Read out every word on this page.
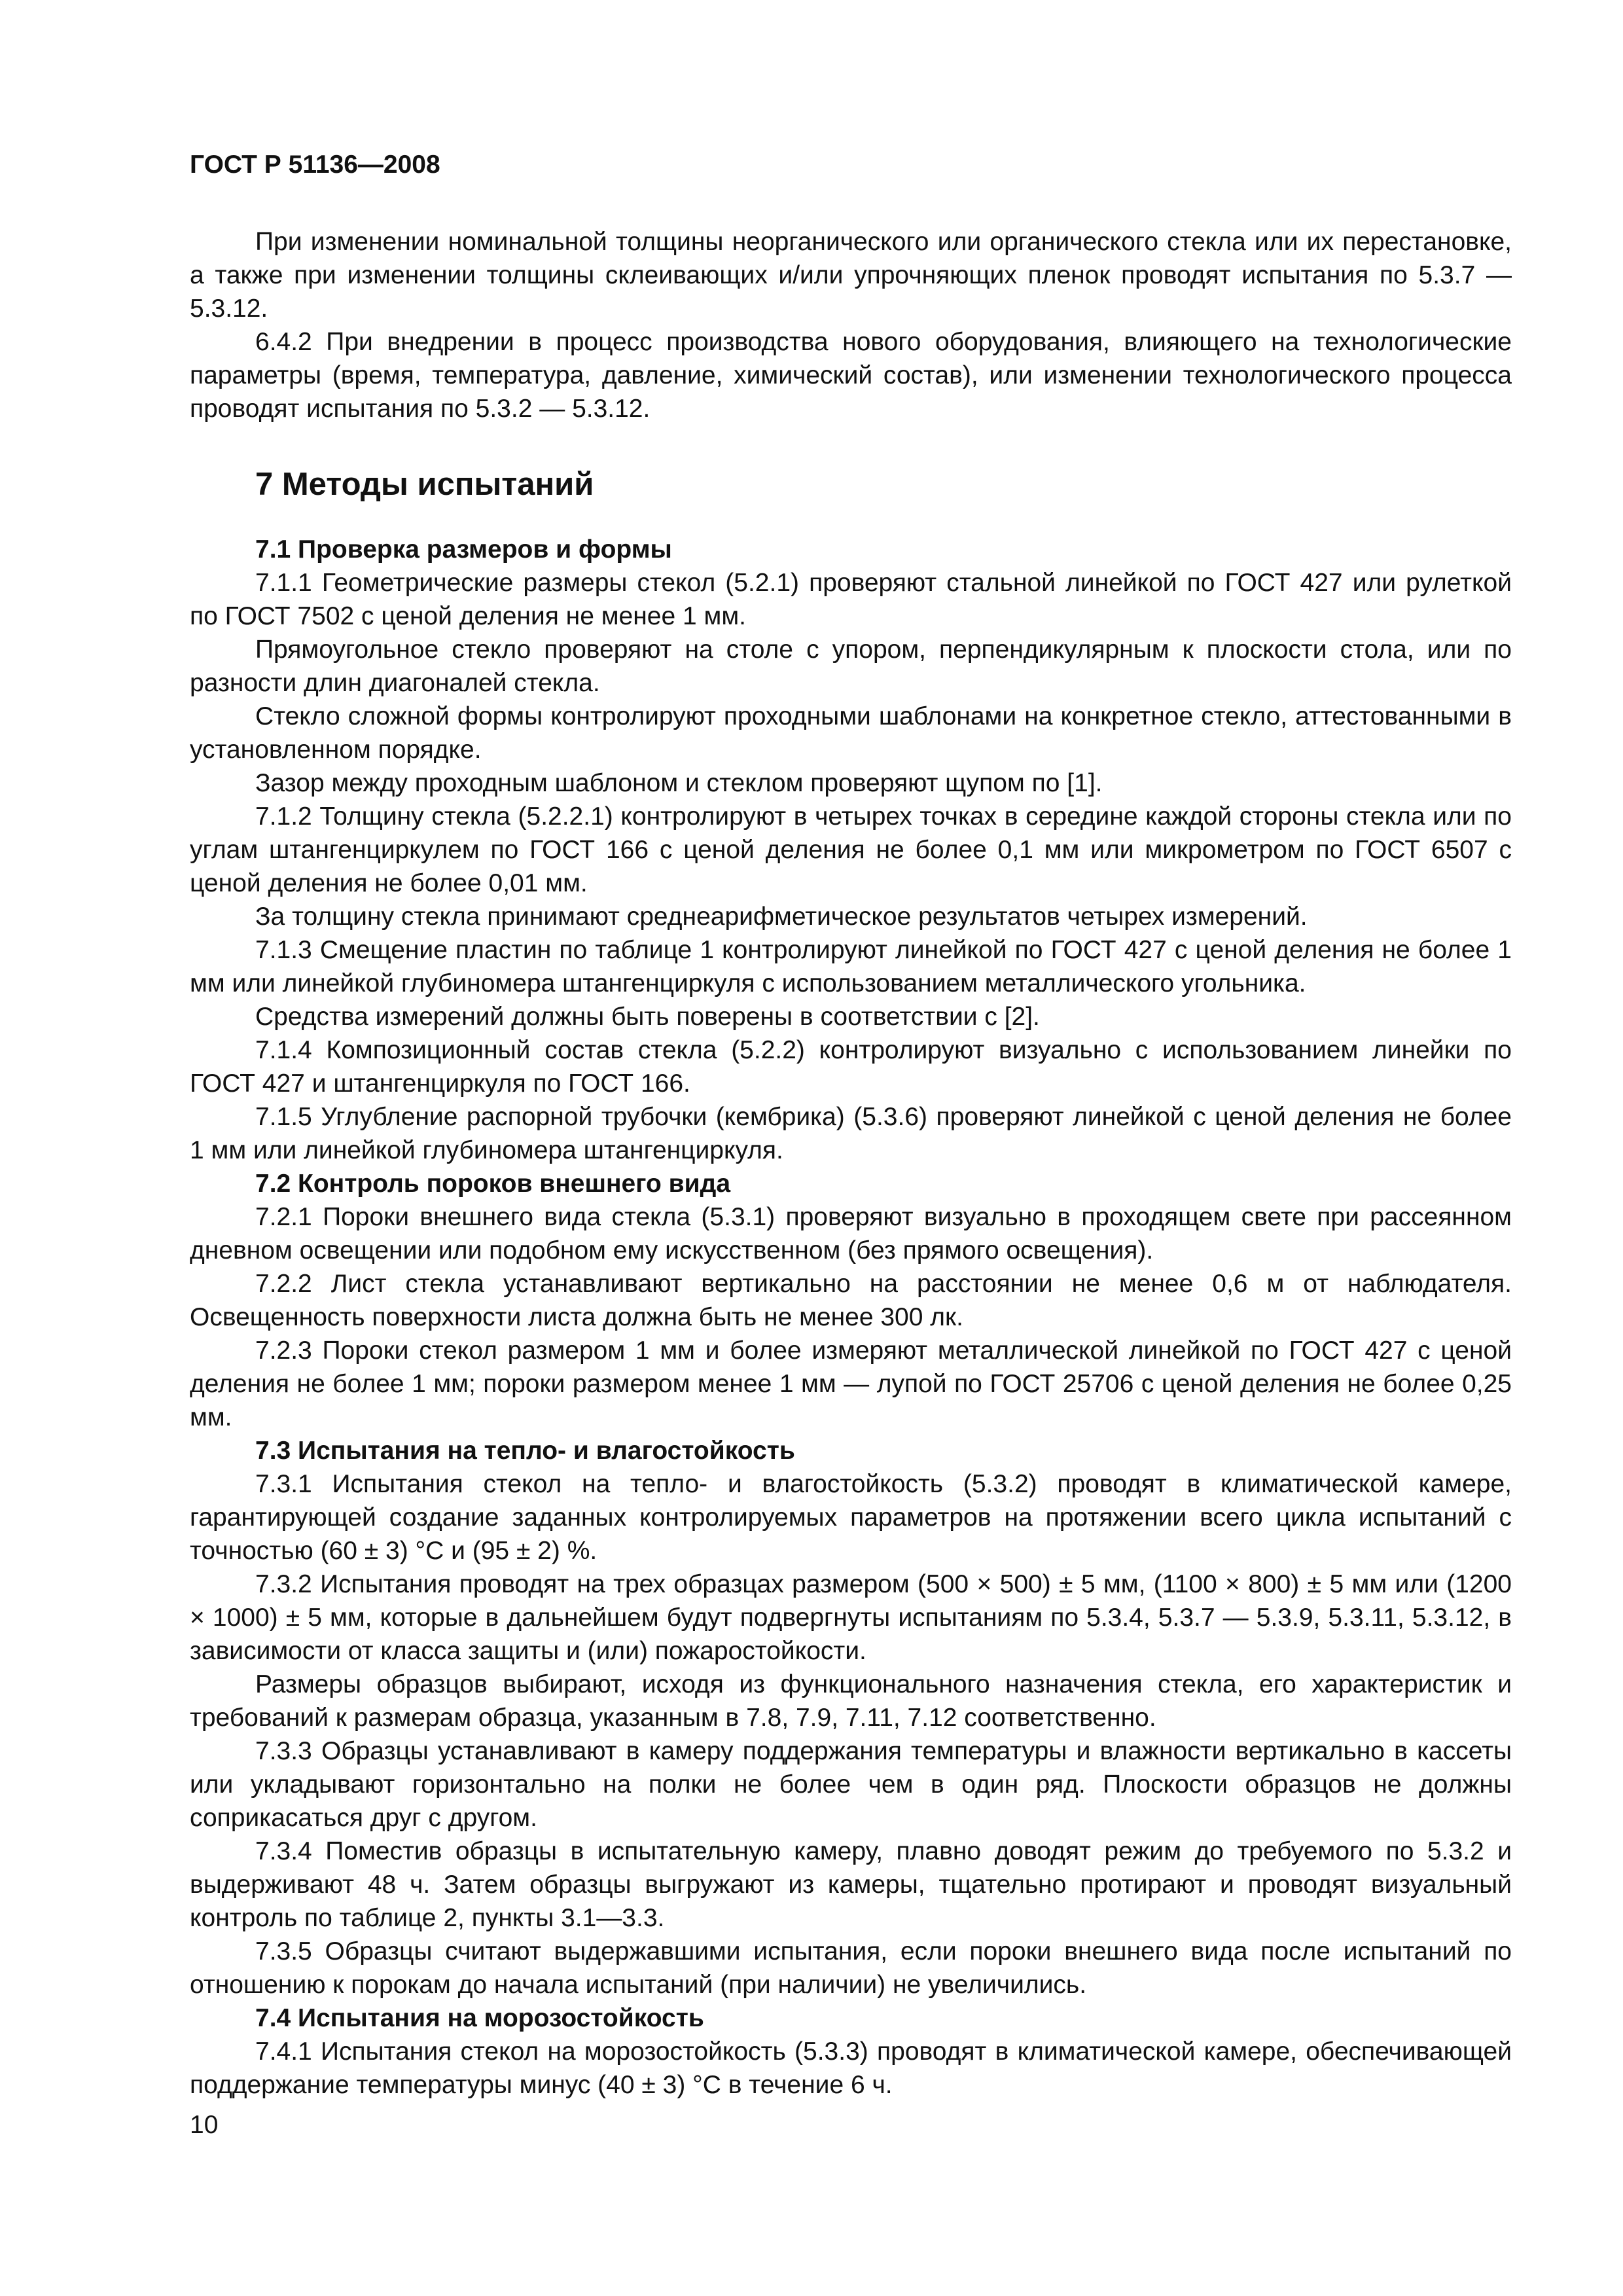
ГОСТ Р 51136—2008

При изменении номинальной толщины неорганического или органического стекла или их перестановке, а также при изменении толщины склеивающих и/или упрочняющих пленок проводят испытания по 5.3.7 — 5.3.12.

6.4.2 При внедрении в процесс производства нового оборудования, влияющего на технологические параметры (время, температура, давление, химический состав), или изменении технологического процесса проводят испытания по 5.3.2 — 5.3.12.

7 Методы испытаний
7.1 Проверка размеров и формы

7.1.1 Геометрические размеры стекол (5.2.1) проверяют стальной линейкой по ГОСТ 427 или рулеткой по ГОСТ 7502 с ценой деления не менее 1 мм.

Прямоугольное стекло проверяют на столе с упором, перпендикулярным к плоскости стола, или по разности длин диагоналей стекла.

Стекло сложной формы контролируют проходными шаблонами на конкретное стекло, аттестованными в установленном порядке.

Зазор между проходным шаблоном и стеклом проверяют щупом по [1].

7.1.2 Толщину стекла (5.2.2.1) контролируют в четырех точках в середине каждой стороны стекла или по углам штангенциркулем по ГОСТ 166 с ценой деления не более 0,1 мм или микрометром по ГОСТ 6507 с ценой деления не более 0,01 мм.

За толщину стекла принимают среднеарифметическое результатов четырех измерений.

7.1.3 Смещение пластин по таблице 1 контролируют линейкой по ГОСТ 427 с ценой деления не более 1 мм или линейкой глубиномера штангенциркуля с использованием металлического угольника.

Средства измерений должны быть поверены в соответствии с [2].

7.1.4 Композиционный состав стекла (5.2.2) контролируют визуально с использованием линейки по ГОСТ 427 и штангенциркуля по ГОСТ 166.

7.1.5 Углубление распорной трубочки (кембрика) (5.3.6) проверяют линейкой с ценой деления не более 1 мм или линейкой глубиномера штангенциркуля.

7.2 Контроль пороков внешнего вида

7.2.1 Пороки внешнего вида стекла (5.3.1) проверяют визуально в проходящем свете при рассеянном дневном освещении или подобном ему искусственном (без прямого освещения).

7.2.2 Лист стекла устанавливают вертикально на расстоянии не менее 0,6 м от наблюдателя. Освещенность поверхности листа должна быть не менее 300 лк.

7.2.3 Пороки стекол размером 1 мм и более измеряют металлической линейкой по ГОСТ 427 с ценой деления не более 1 мм; пороки размером менее 1 мм — лупой по ГОСТ 25706 с ценой деления не более 0,25 мм.

7.3 Испытания на тепло- и влагостойкость

7.3.1 Испытания стекол на тепло- и влагостойкость (5.3.2) проводят в климатической камере, гарантирующей создание заданных контролируемых параметров на протяжении всего цикла испытаний с точностью (60 ± 3) °С и (95 ± 2) %.

7.3.2 Испытания проводят на трех образцах размером (500 × 500) ± 5 мм, (1100 × 800) ± 5 мм или (1200 × 1000) ± 5 мм, которые в дальнейшем будут подвергнуты испытаниям по 5.3.4, 5.3.7 — 5.3.9, 5.3.11, 5.3.12, в зависимости от класса защиты и (или) пожаростойкости.

Размеры образцов выбирают, исходя из функционального назначения стекла, его характеристик и требований к размерам образца, указанным в 7.8, 7.9, 7.11, 7.12 соответственно.

7.3.3 Образцы устанавливают в камеру поддержания температуры и влажности вертикально в кассеты или укладывают горизонтально на полки не более чем в один ряд. Плоскости образцов не должны соприкасаться друг с другом.

7.3.4 Поместив образцы в испытательную камеру, плавно доводят режим до требуемого по 5.3.2 и выдерживают 48 ч. Затем образцы выгружают из камеры, тщательно протирают и проводят визуальный контроль по таблице 2, пункты 3.1—3.3.

7.3.5 Образцы считают выдержавшими испытания, если пороки внешнего вида после испытаний по отношению к порокам до начала испытаний (при наличии) не увеличились.

7.4 Испытания на морозостойкость

7.4.1 Испытания стекол на морозостойкость (5.3.3) проводят в климатической камере, обеспечивающей поддержание температуры минус (40 ± 3) °С в течение 6 ч.

10
